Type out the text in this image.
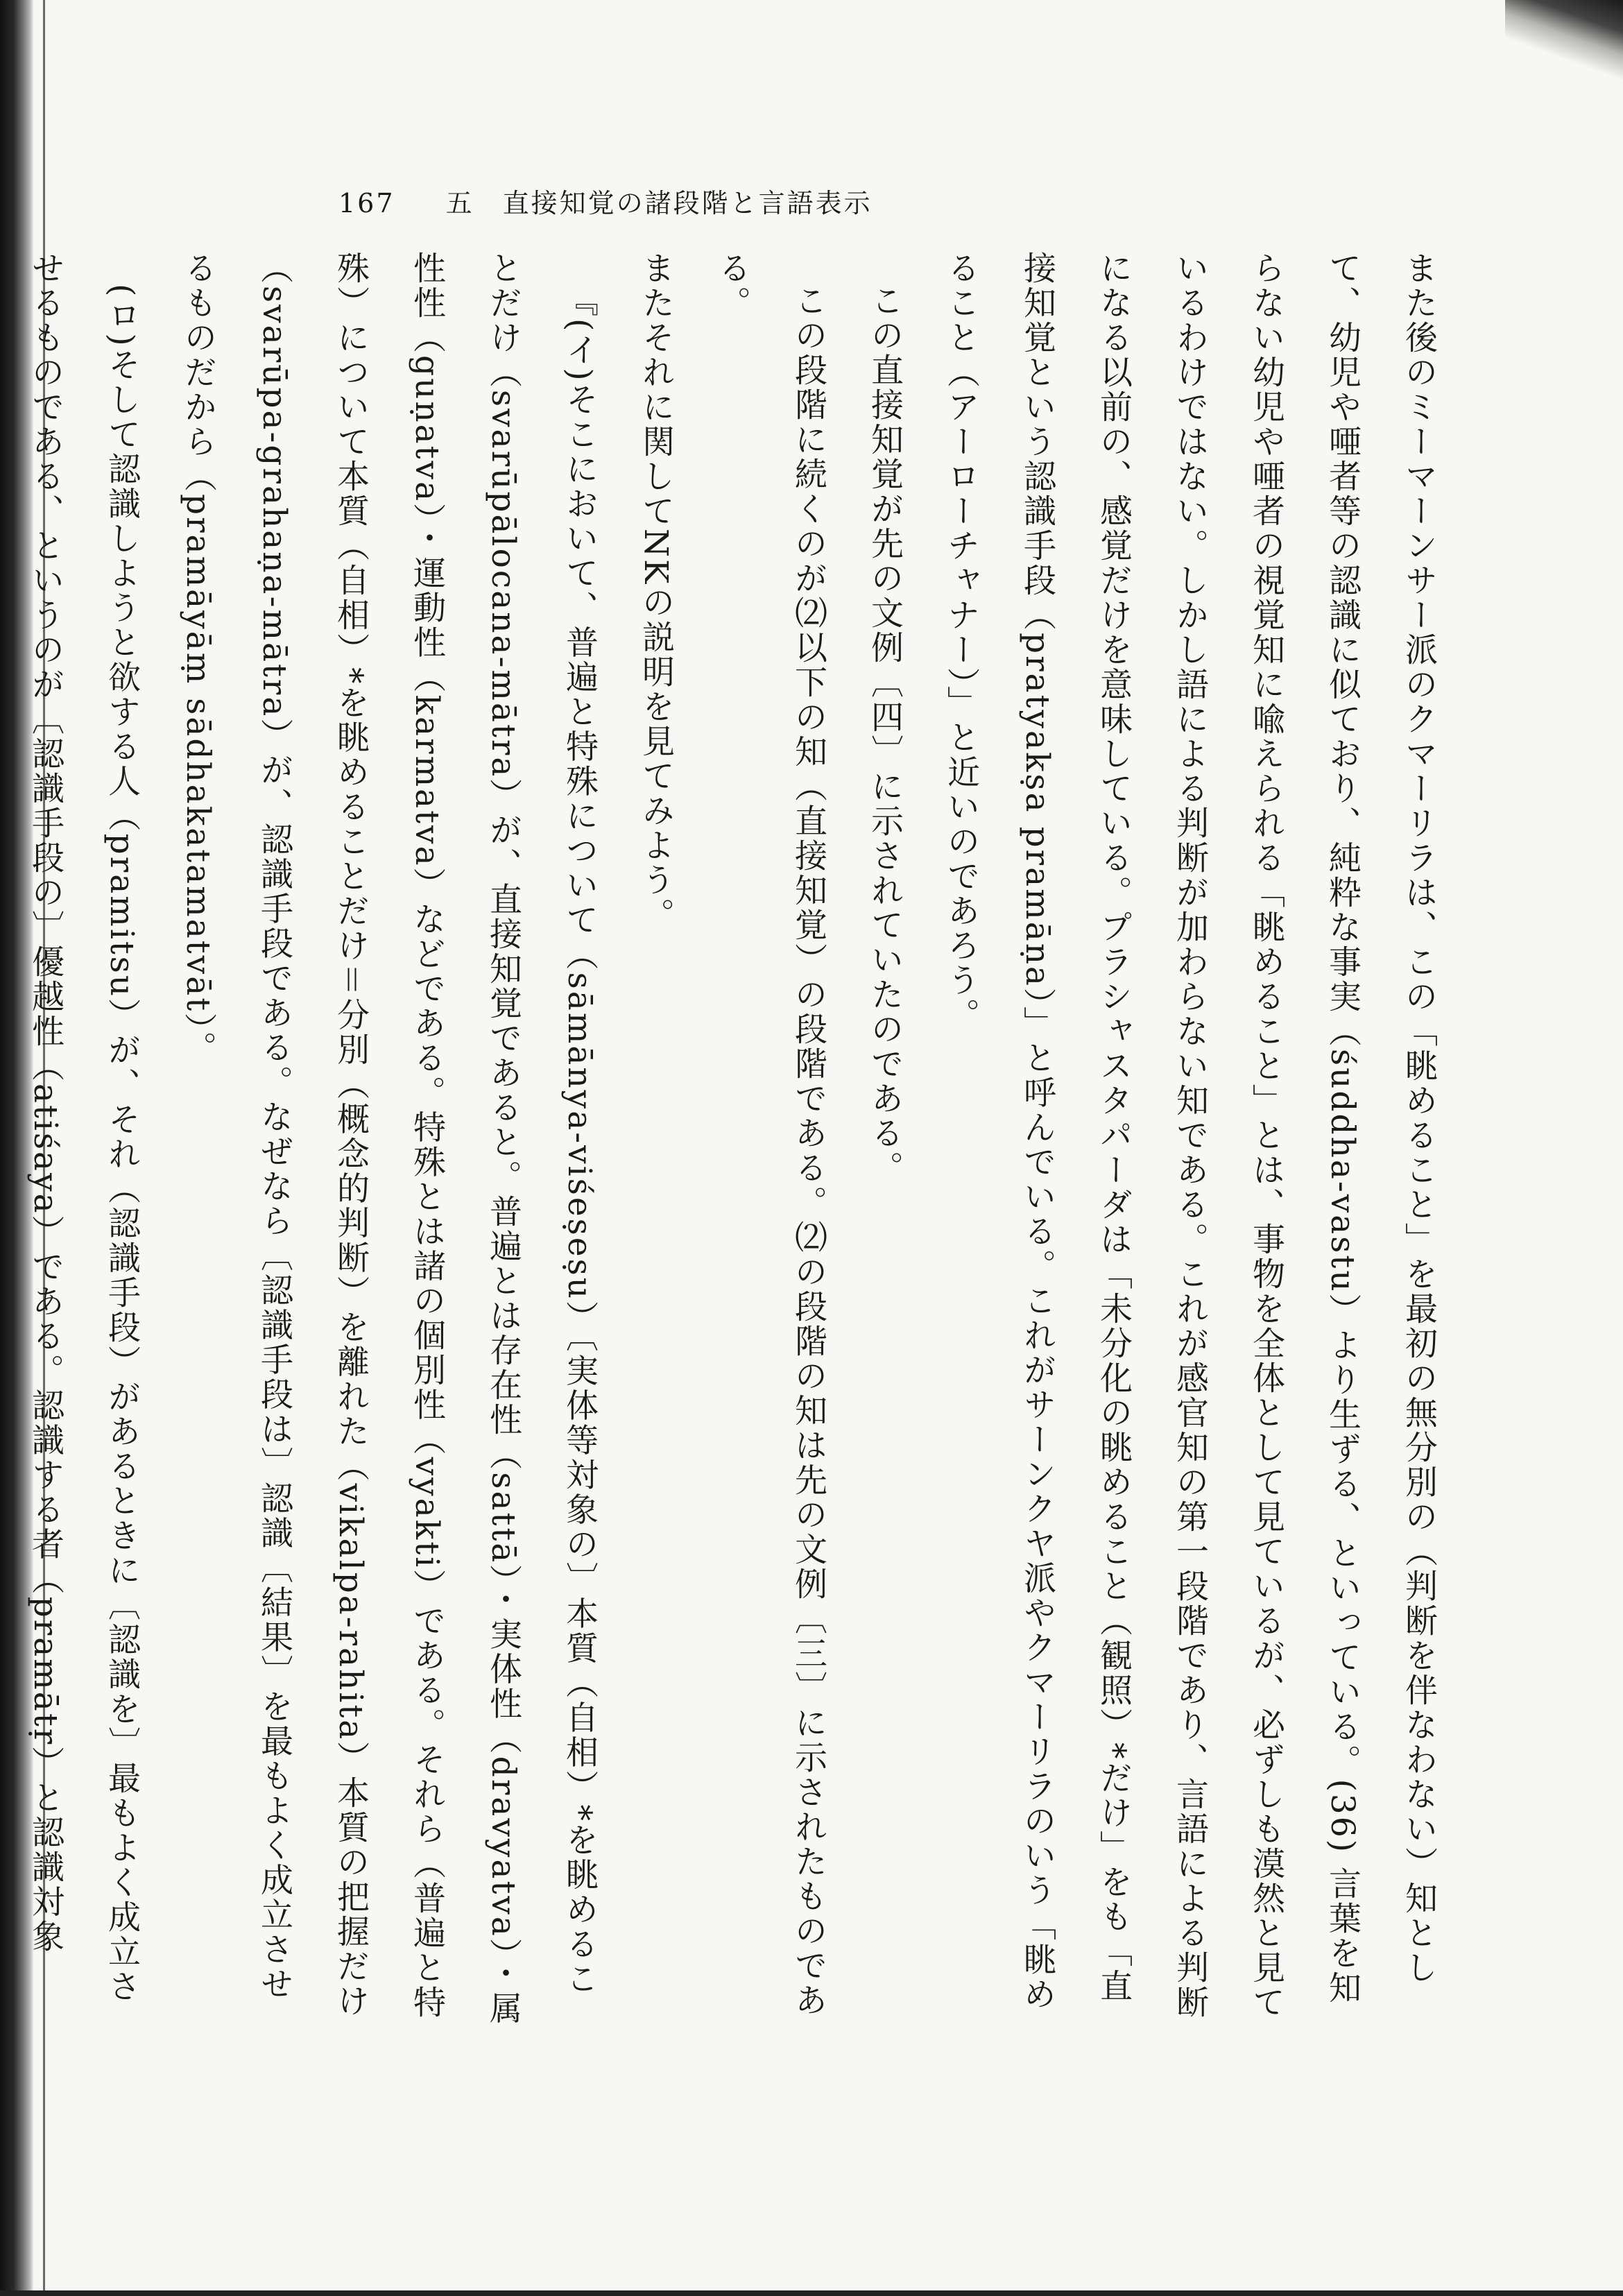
167 五　直接知覚の諸段階と言語表示

また後のミーマーンサー派のクマーリラは、この「眺めること」を最初の無分別の（判断を伴なわない）知として、幼児や唖者等の認識に似ており、純粋な事実（śuddha-vastu）より生ずる、といっている。(36) 言葉を知らない幼児や唖者の視覚知に喩えられる「眺めること」とは、事物を全体として見ているが、必ずしも漠然と見ているわけではない。しかし語による判断が加わらない知である。これが感官知の第一段階であり、言語による判断になる以前の、感覚だけを意味している。プラシャスタパーダは「未分化の眺めること（観照）*だけ」をも「直接知覚という認識手段（pratyakṣa pramāṇa）」と呼んでいる。これがサーンクヤ派やクマーリラのいう「眺めること（アーローチャナー）」と近いのであろう。

この直接知覚が先の文例〔四〕に示されていたのである。

この段階に続くのが⑵以下の知（直接知覚）の段階である。⑵の段階の知は先の文例〔三〕に示されたものである。

またそれに関してNKの説明を見てみよう。

『(イ)そこにおいて、普遍と特殊について（sāmānya-viśeṣeṣu）〔実体等対象の〕本質（自相）*を眺めることだけ（svarūpālocana-mātra）が、直接知覚であると。普遍とは存在性（sattā）・実体性（dravyatva）・属性性（guṇatva）・運動性（karmatva）などである。特殊とは諸の個別性（vyakti）である。それら（普遍と特殊）について本質（自相）*を眺めることだけ＝分別（概念的判断）を離れた（vikalpa-rahita）本質の把握だけ（svarūpa-grahaṇa-mātra）が、認識手段である。なぜなら〔認識手段は〕認識〔結果〕を最もよく成立させるものだから（pramāyāṃ sādhakatamatvāt）。

(ロ)そして認識しようと欲する人（pramitsu）が、それ（認識手段）があるときに〔認識を〕最もよく成立させるものである、というのが〔認識手段の〕優越性（atiśaya）である。認識する者（pramātṛ）と認識対象
